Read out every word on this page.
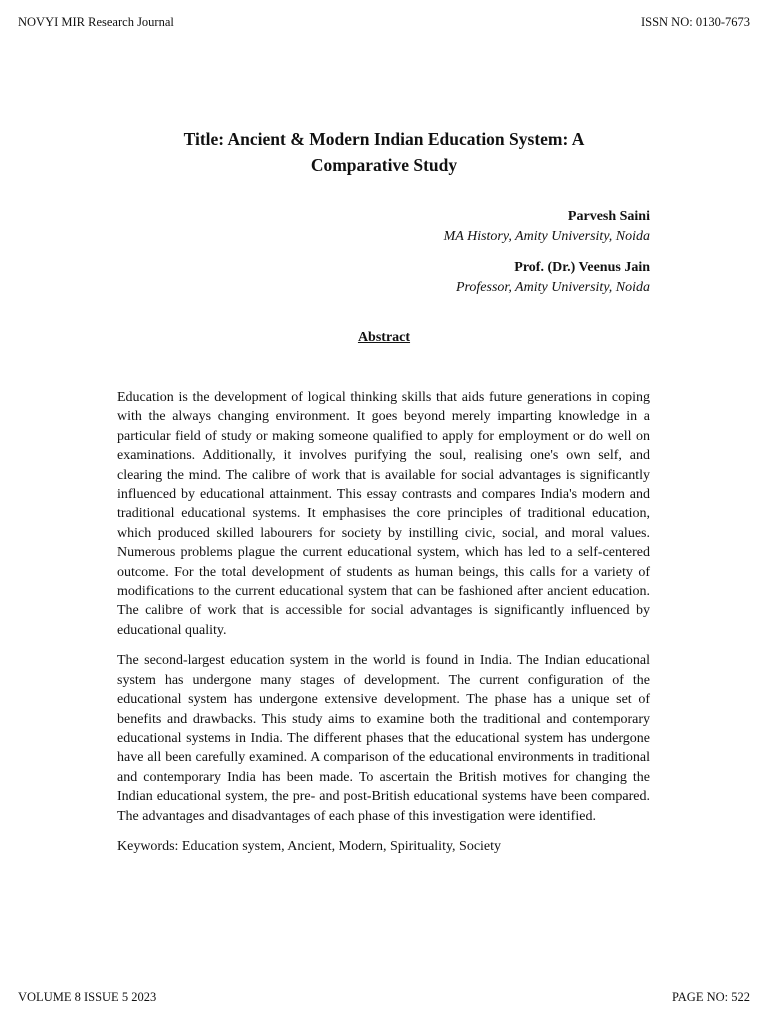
NOVYI MIR Research Journal	ISSN NO: 0130-7673
Title: Ancient & Modern Indian Education System: A Comparative Study
Parvesh Saini
MA History, Amity University, Noida
Prof. (Dr.) Veenus Jain
Professor, Amity University, Noida
Abstract

Education is the development of logical thinking skills that aids future generations in coping with the always changing environment. It goes beyond merely imparting knowledge in a particular field of study or making someone qualified to apply for employment or do well on examinations. Additionally, it involves purifying the soul, realising one's own self, and clearing the mind. The calibre of work that is available for social advantages is significantly influenced by educational attainment. This essay contrasts and compares India's modern and traditional educational systems. It emphasises the core principles of traditional education, which produced skilled labourers for society by instilling civic, social, and moral values. Numerous problems plague the current educational system, which has led to a self-centered outcome. For the total development of students as human beings, this calls for a variety of modifications to the current educational system that can be fashioned after ancient education. The calibre of work that is accessible for social advantages is significantly influenced by educational quality.

The second-largest education system in the world is found in India. The Indian educational system has undergone many stages of development. The current configuration of the educational system has undergone extensive development. The phase has a unique set of benefits and drawbacks. This study aims to examine both the traditional and contemporary educational systems in India. The different phases that the educational system has undergone have all been carefully examined. A comparison of the educational environments in traditional and contemporary India has been made. To ascertain the British motives for changing the Indian educational system, the pre- and post-British educational systems have been compared. The advantages and disadvantages of each phase of this investigation were identified.

Keywords: Education system, Ancient, Modern, Spirituality, Society

VOLUME 8 ISSUE 5 2023	PAGE NO: 522
